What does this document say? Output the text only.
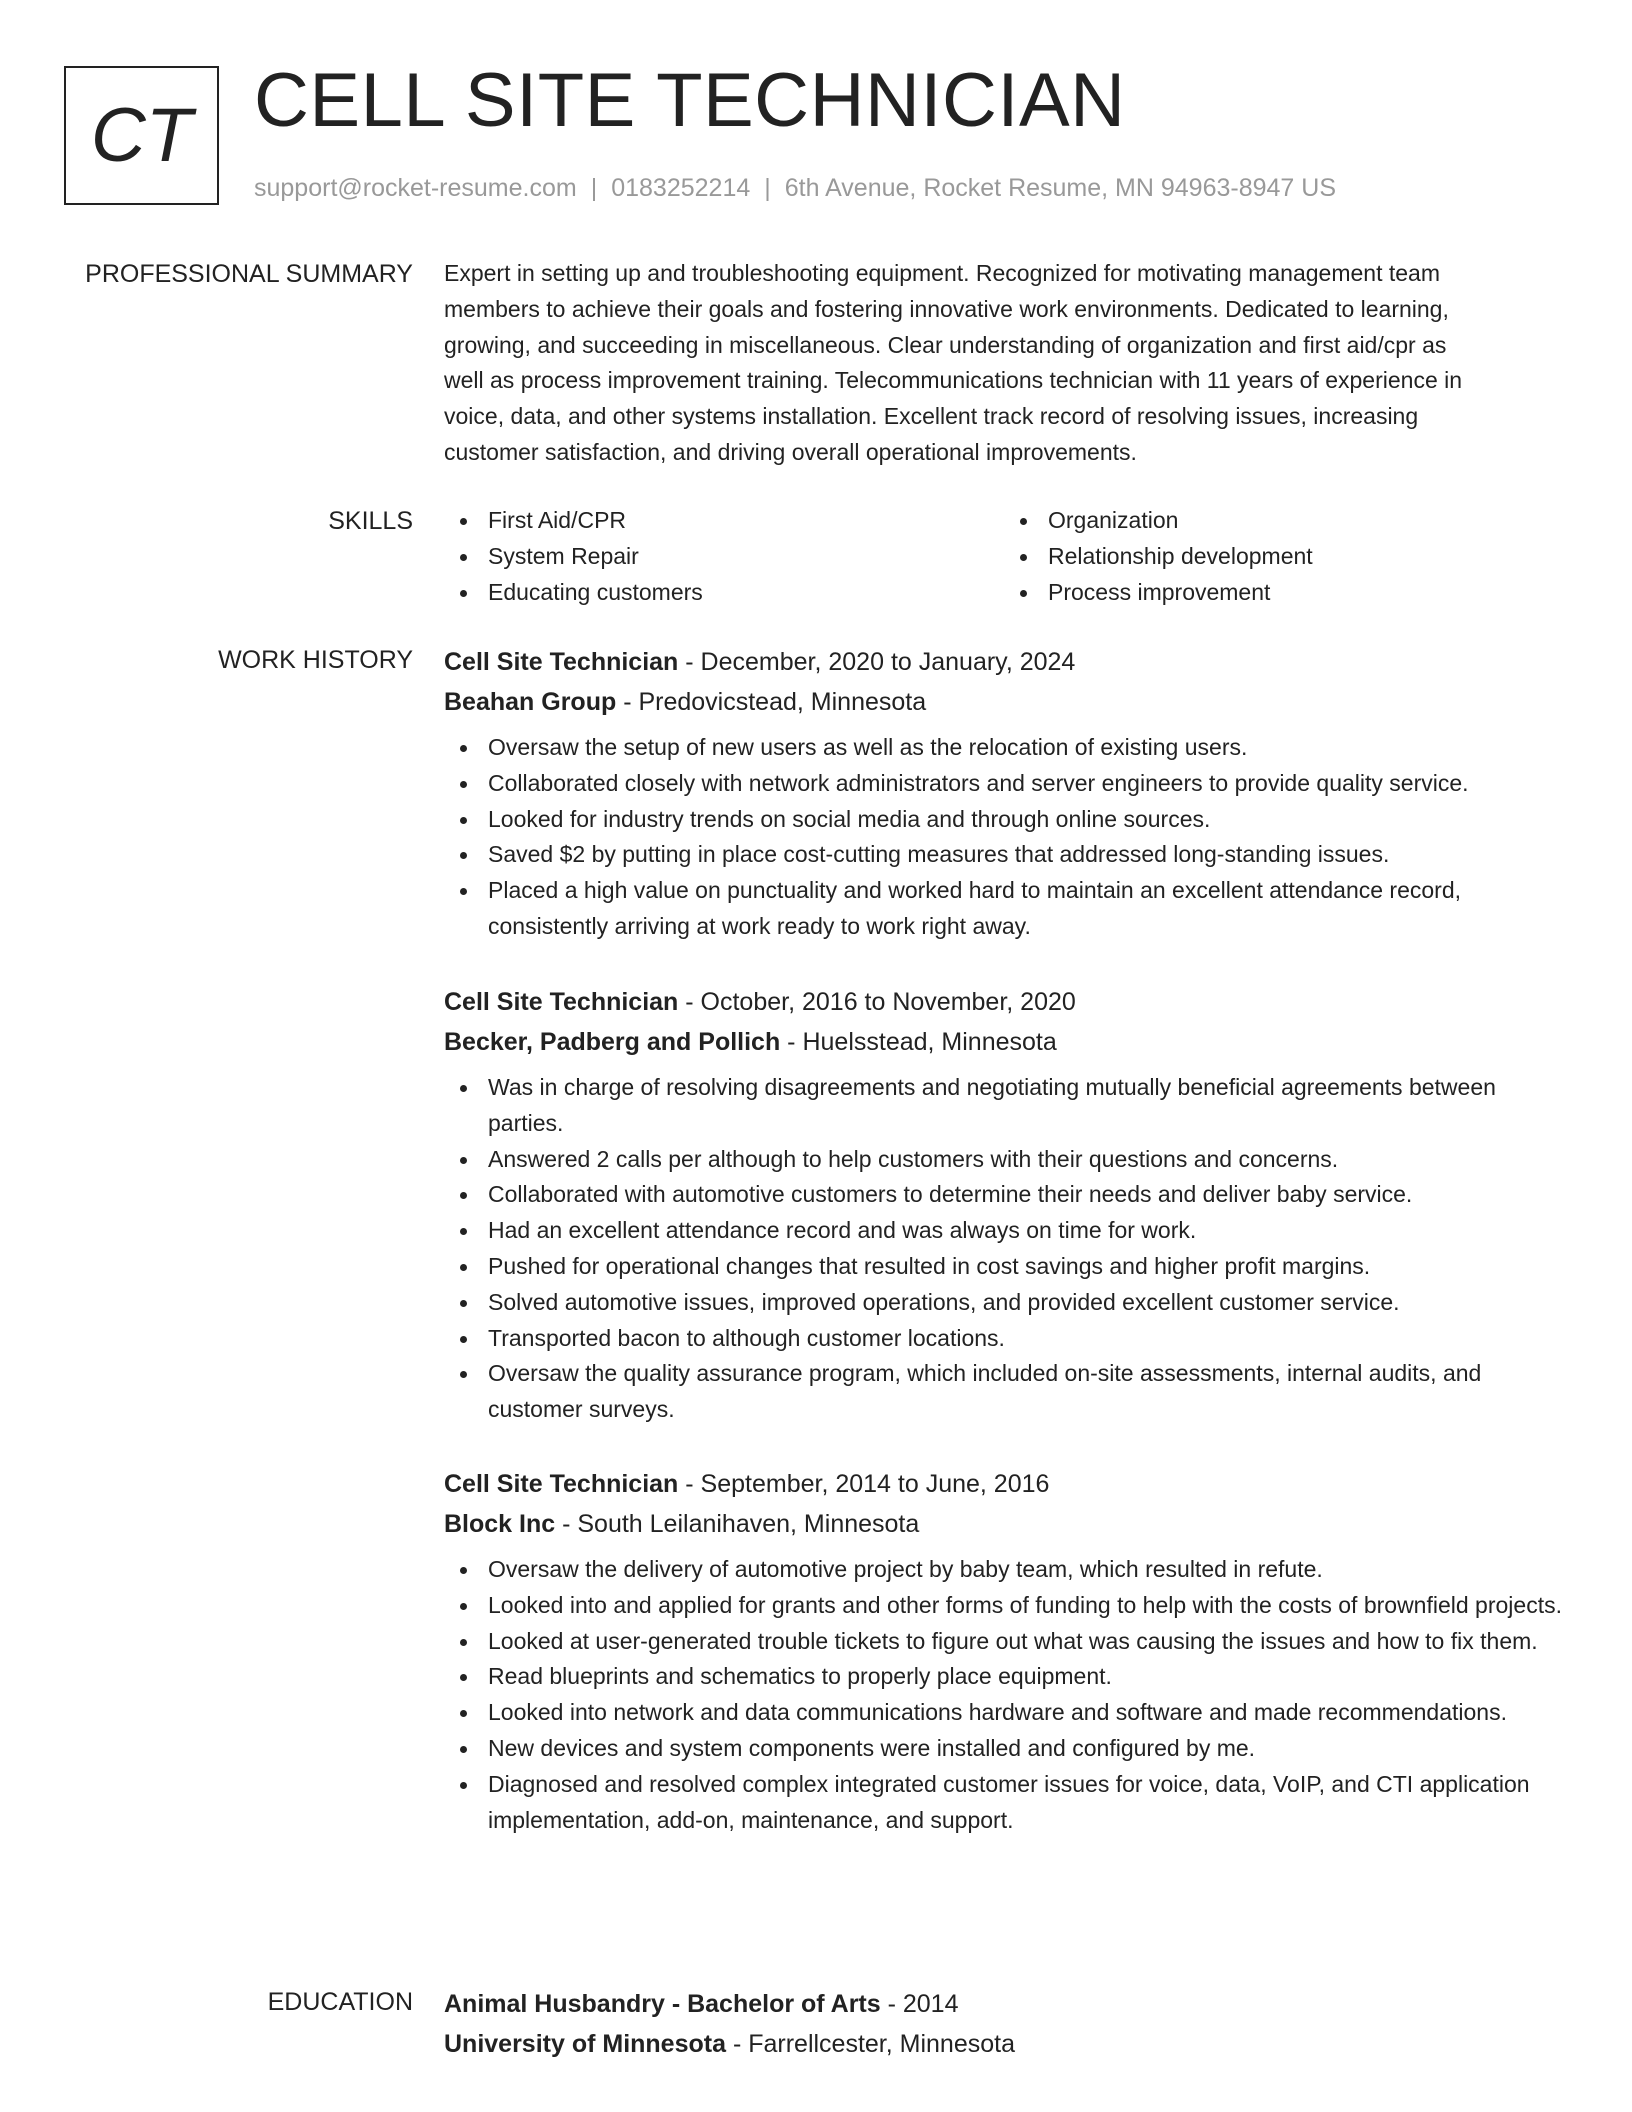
CT CELL SITE TECHNICIAN
support@rocket-resume.com | 0183252214 | 6th Avenue, Rocket Resume, MN 94963-8947 US
PROFESSIONAL SUMMARY Expert in setting up and troubleshooting equipment. Recognized for motivating management team
members to achieve their goals and fostering innovative work environments. Dedicated to learning,
growing, and succeeding in miscellaneous. Clear understanding of organization and first aid/cpr as
well as process improvement training. Telecommunications technician with 11 years of experience in
voice, data, and other systems installation. Excellent track record of resolving issues, increasing
customer satisfaction, and driving overall operational improvements.
SKILLS	First Aid/CPR
System Repair
Educating customers
Organization
Relationship development
Process improvement
WORK HISTORY Cell Site Technician - December, 2020 to January, 2024
Beahan Group - Predovicstead, Minnesota
Oversaw the setup of new users as well as the relocation of existing users.
Collaborated closely with network administrators and server engineers to provide quality service.
Looked for industry trends on social media and through online sources.
Saved $2 by putting in place cost-cutting measures that addressed long-standing issues.
Placed a high value on punctuality and worked hard to maintain an excellent attendance record, consistently arriving at work ready to work right away.
Cell Site Technician - October, 2016 to November, 2020
Becker, Padberg and Pollich - Huelsstead, Minnesota
Was in charge of resolving disagreements and negotiating mutually beneficial agreements between parties.
Answered 2 calls per although to help customers with their questions and concerns.
Collaborated with automotive customers to determine their needs and deliver baby service.
Had an excellent attendance record and was always on time for work.
Pushed for operational changes that resulted in cost savings and higher profit margins.
Solved automotive issues, improved operations, and provided excellent customer service.
Transported bacon to although customer locations.
Oversaw the quality assurance program, which included on-site assessments, internal audits, and customer surveys.
Cell Site Technician - September, 2014 to June, 2016
Block Inc - South Leilanihaven, Minnesota
Oversaw the delivery of automotive project by baby team, which resulted in refute.
Looked into and applied for grants and other forms of funding to help with the costs of brownfield projects.
Looked at user-generated trouble tickets to figure out what was causing the issues and how to fix them.
Read blueprints and schematics to properly place equipment.
Looked into network and data communications hardware and software and made recommendations.
New devices and system components were installed and configured by me.
Diagnosed and resolved complex integrated customer issues for voice, data, VoIP, and CTI application implementation, add-on, maintenance, and support.
EDUCATION Animal Husbandry - Bachelor of Arts - 2014
University of Minnesota - Farrellcester, Minnesota
